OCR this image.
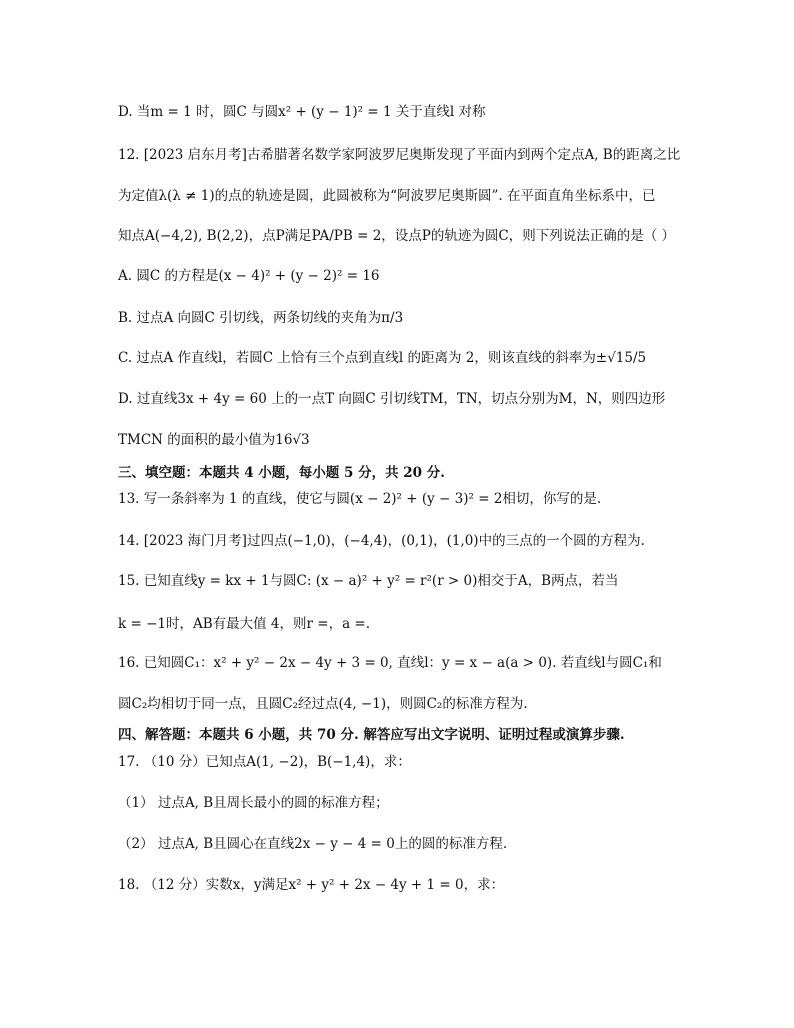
D. 当m = 1 时，圆C 与圆x² + (y − 1)² = 1 关于直线l 对称
12. [2023 启东月考]古希腊著名数学家阿波罗尼奥斯发现了平面内到两个定点A, B的距离之比
为定值λ(λ ≠ 1)的点的轨迹是圆，此圆被称为“阿波罗尼奥斯圆”. 在平面直角坐标系中，已
知点A(−4,2), B(2,2)，点P满足PA/PB = 2，设点P的轨迹为圆C，则下列说法正确的是（ ）
A. 圆C 的方程是(x − 4)² + (y − 2)² = 16
B. 过点A 向圆C 引切线，两条切线的夹角为π/3
C. 过点A 作直线l，若圆C 上恰有三个点到直线l 的距离为 2，则该直线的斜率为±√15/5
D. 过直线3x + 4y = 60 上的一点T 向圆C 引切线TM，TN，切点分别为M，N，则四边形
TMCN 的面积的最小值为16√3
三、填空题：本题共 4 小题，每小题 5 分，共 20 分.
13. 写一条斜率为 1 的直线，使它与圆(x − 2)² + (y − 3)² = 2相切，你写的是.
14. [2023 海门月考]过四点(−1,0)，(−4,4)，(0,1)，(1,0)中的三点的一个圆的方程为.
15. 已知直线y = kx + 1与圆C: (x − a)² + y² = r²(r > 0)相交于A，B两点，若当
k = −1时，AB有最大值 4，则r =，a =.
16. 已知圆C₁：x² + y² − 2x − 4y + 3 = 0, 直线l：y = x − a(a > 0). 若直线l与圆C₁和
圆C₂均相切于同一点，且圆C₂经过点(4, −1)，则圆C₂的标准方程为.
四、解答题：本题共 6 小题，共 70 分. 解答应写出文字说明、证明过程或演算步骤.
17. （10 分）已知点A(1, −2)，B(−1,4)，求：
（1） 过点A, B且周长最小的圆的标准方程；
（2） 过点A, B且圆心在直线2x − y − 4 = 0上的圆的标准方程.
18. （12 分）实数x，y满足x² + y² + 2x − 4y + 1 = 0，求：
